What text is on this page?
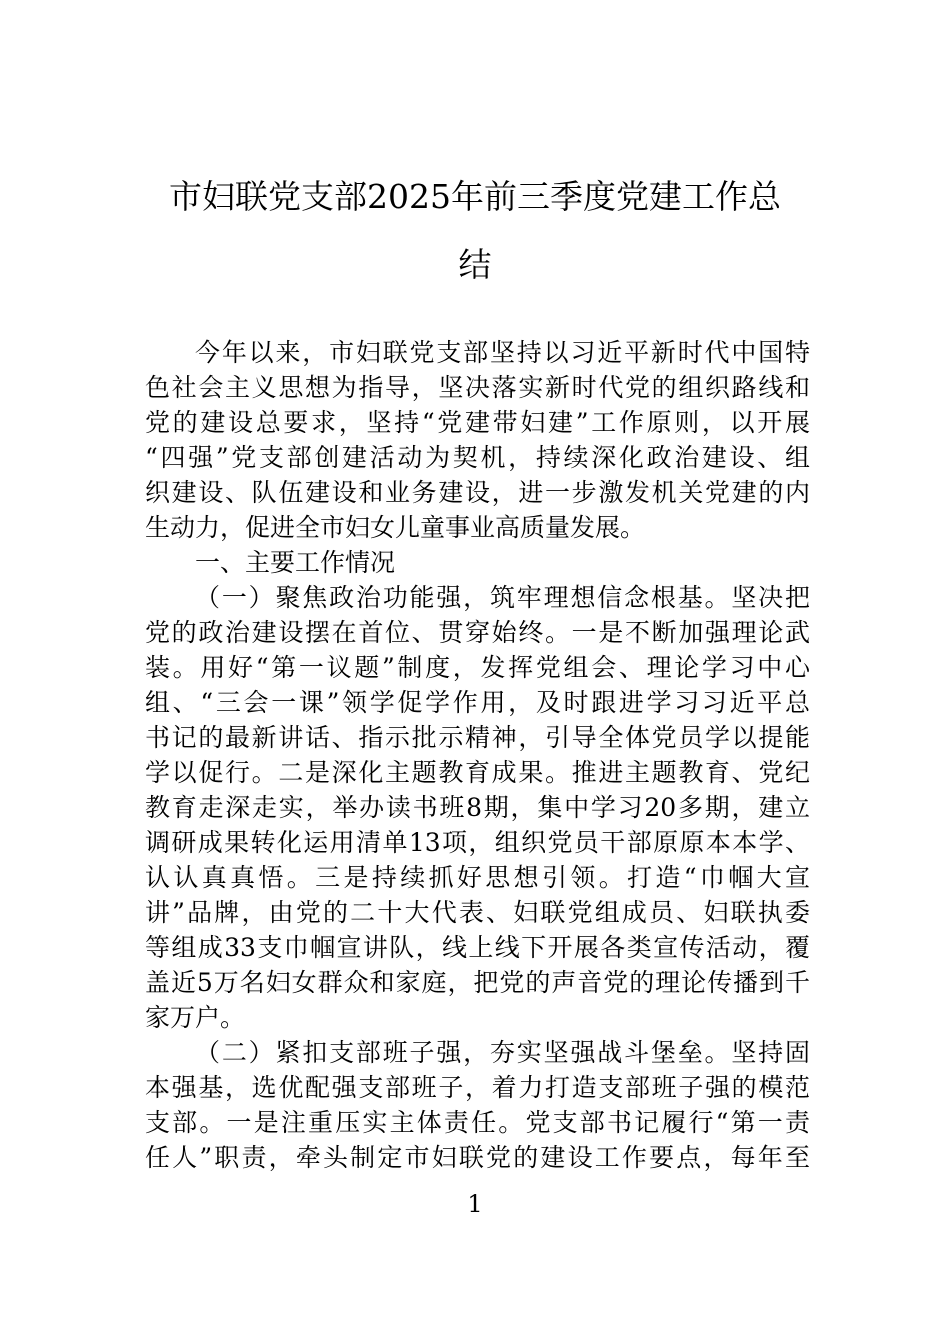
市妇联党支部2025年前三季度党建工作总
结
今年以来，市妇联党支部坚持以习近平新时代中国特
色社会主义思想为指导，坚决落实新时代党的组织路线和
党的建设总要求，坚持“党建带妇建”工作原则，以开展
“四强”党支部创建活动为契机，持续深化政治建设、组
织建设、队伍建设和业务建设，进一步激发机关党建的内
生动力，促进全市妇女儿童事业高质量发展。
一、主要工作情况
（一）聚焦政治功能强，筑牢理想信念根基。坚决把
党的政治建设摆在首位、贯穿始终。一是不断加强理论武
装。用好“第一议题”制度，发挥党组会、理论学习中心
组、“三会一课”领学促学作用，及时跟进学习习近平总
书记的最新讲话、指示批示精神，引导全体党员学以提能
学以促行。二是深化主题教育成果。推进主题教育、党纪
教育走深走实，举办读书班8期，集中学习20多期，建立
调研成果转化运用清单13项，组织党员干部原原本本学、
认认真真悟。三是持续抓好思想引领。打造“巾帼大宣
讲”品牌，由党的二十大代表、妇联党组成员、妇联执委
等组成33支巾帼宣讲队，线上线下开展各类宣传活动，覆
盖近5万名妇女群众和家庭，把党的声音党的理论传播到千
家万户。
（二）紧扣支部班子强，夯实坚强战斗堡垒。坚持固
本强基，选优配强支部班子，着力打造支部班子强的模范
支部。一是注重压实主体责任。党支部书记履行“第一责
任人”职责，牵头制定市妇联党的建设工作要点，每年至
1
